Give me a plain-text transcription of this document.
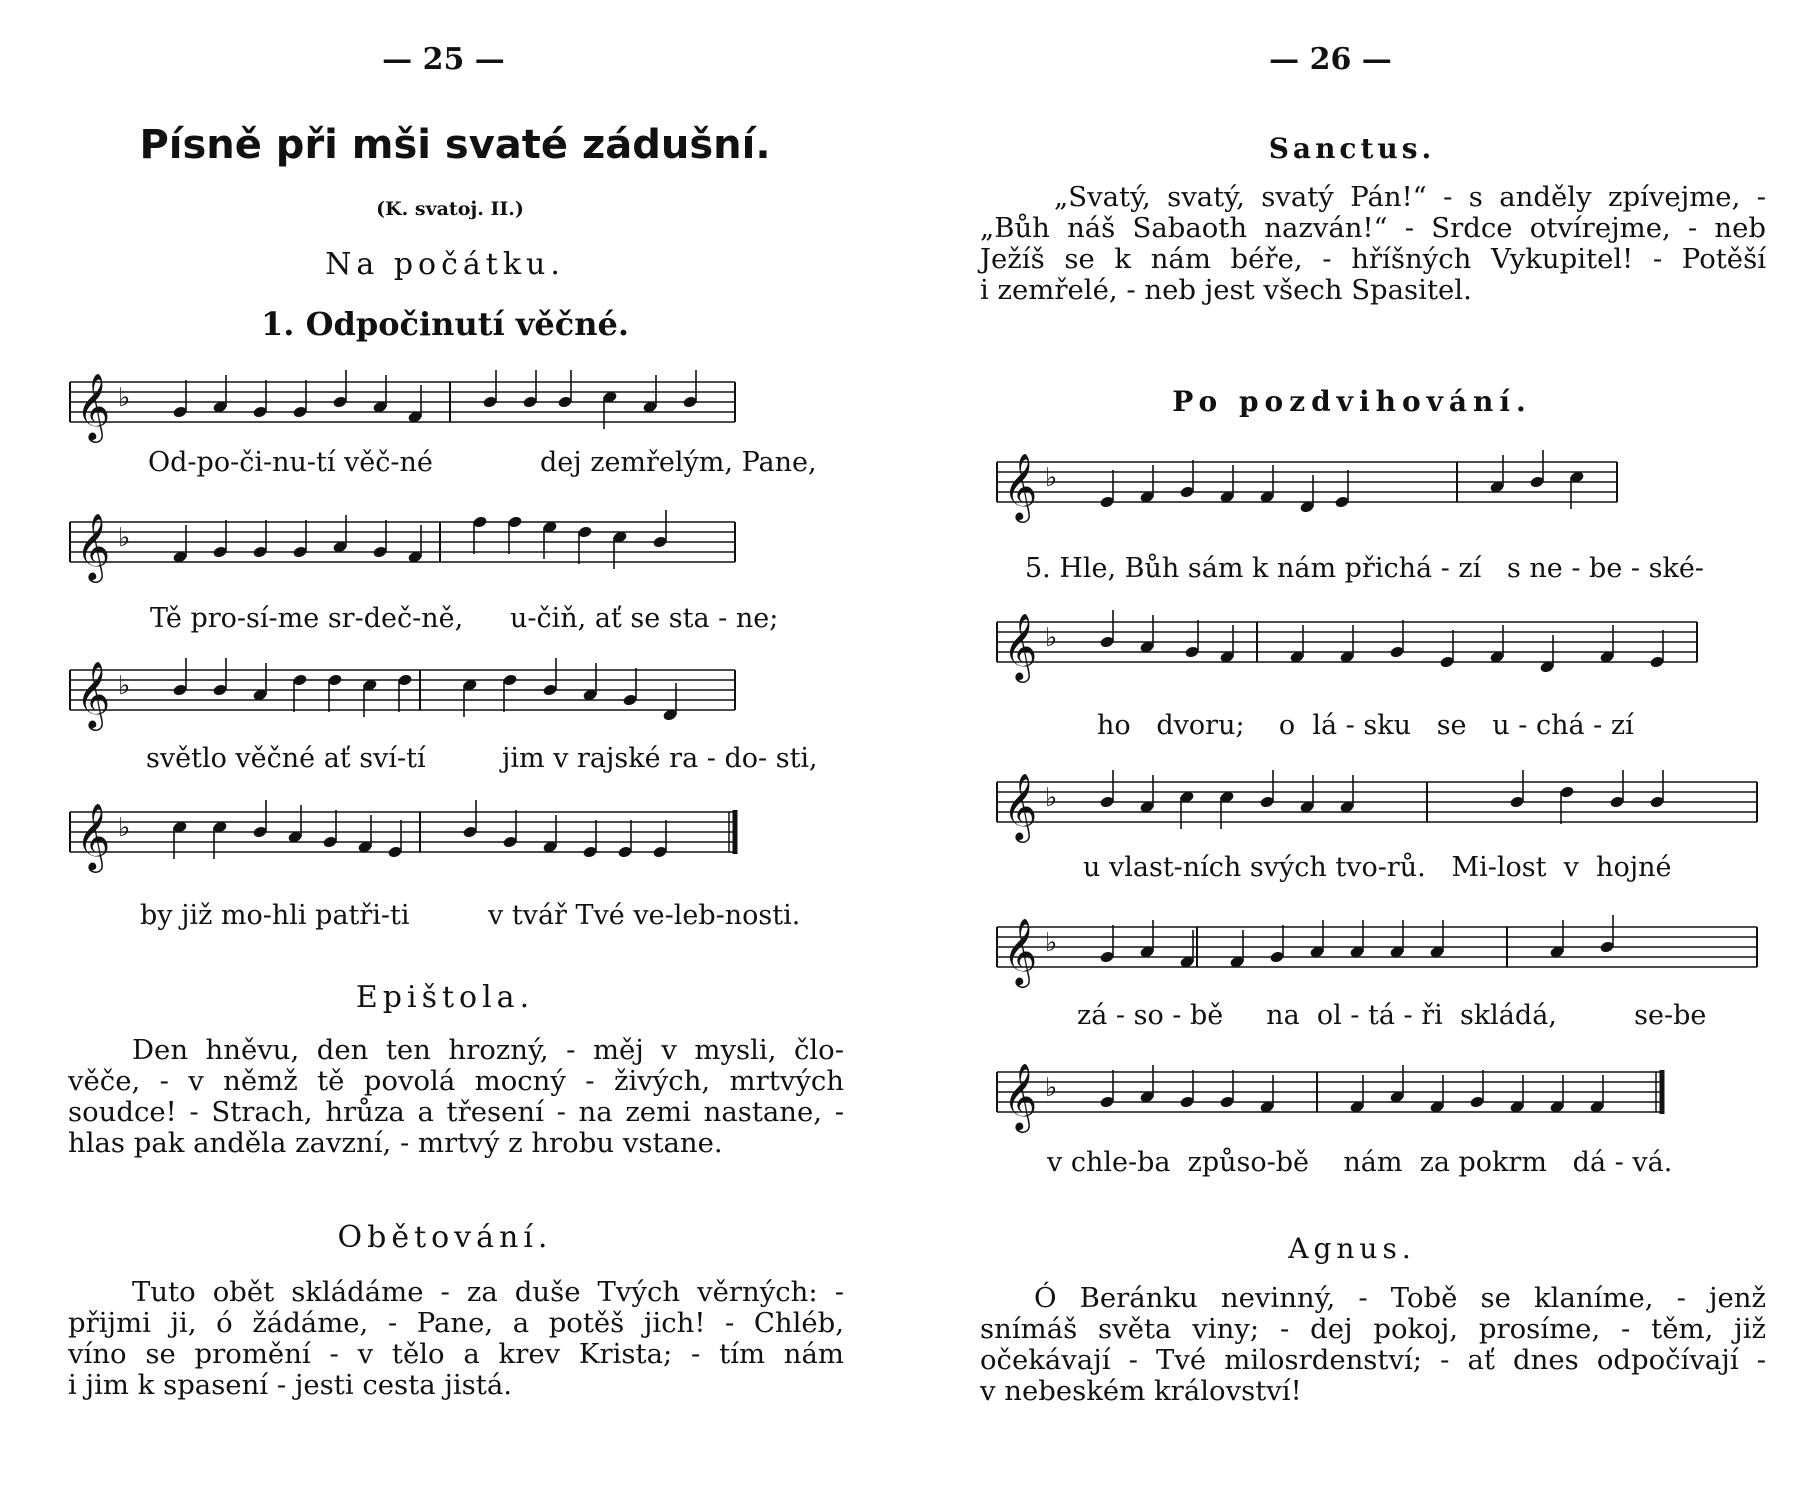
— 25 —
Písně při mši svaté zádušní.
(K. svatoj. II.)
Na počátku.
1. Odpočinutí věčné.
𝄞 ♭
Od-po-či-nu-tí věč-né	dej zemřelým, Pane,
𝄞 ♭
Tě pro-sí-me sr-deč-ně, u-čiň, ať se sta - ne;
𝄞 ♭
světlo věčné ať sví-tí	jim v rajské ra - do- sti,
𝄞 ♭
by již mo-hli patři-ti	v tvář Tvé ve-leb-nosti.
Epištola.
Den hněvu, den ten hrozný, - měj v mysli, člo-
věče, - v němž tě povolá mocný - živých, mrtvých
soudce! - Strach, hrůza a třesení - na zemi nastane, -
hlas pak anděla zavzní, - mrtvý z hrobu vstane.
Obětování.
Tuto obět skládáme - za duše Tvých věrných: -
přijmi ji, ó žádáme, - Pane, a potěš jich! - Chléb,
víno se promění - v tělo a krev Krista; - tím nám
i jim k spasení - jesti cesta jistá.
— 26 —
Sanctus.
„Svatý, svatý, svatý Pán!“ - s anděly zpívejme, -
„Bůh náš Sabaoth nazván!“ - Srdce otvírejme, - neb
Ježíš se k nám béře, - hříšných Vykupitel! - Potěší
i zemřelé, - neb jest všech Spasitel.
Po pozdvihování.
𝄞 ♭
5. Hle, Bůh sám k nám přichá - zí   s ne - be - ské-
𝄞 ♭
ho   dvoru;    o  lá - sku   se   u - chá - zí
𝄞 ♭
u vlast-ních svých tvo-rů.   Mi-lost  v  hojné
𝄞 ♭
zá - so - bě     na  ol - tá - ři  skládá,         se-be
𝄞 ♭
v chle-ba  způso-bě    nám  za pokrm   dá - vá.
Agnus.
Ó Beránku nevinný, - Tobě se klaníme, - jenž
snímáš světa viny; - dej pokoj, prosíme, - těm, již
očekávají - Tvé milosrdenství; - ať dnes odpočívají -
v nebeském království!
